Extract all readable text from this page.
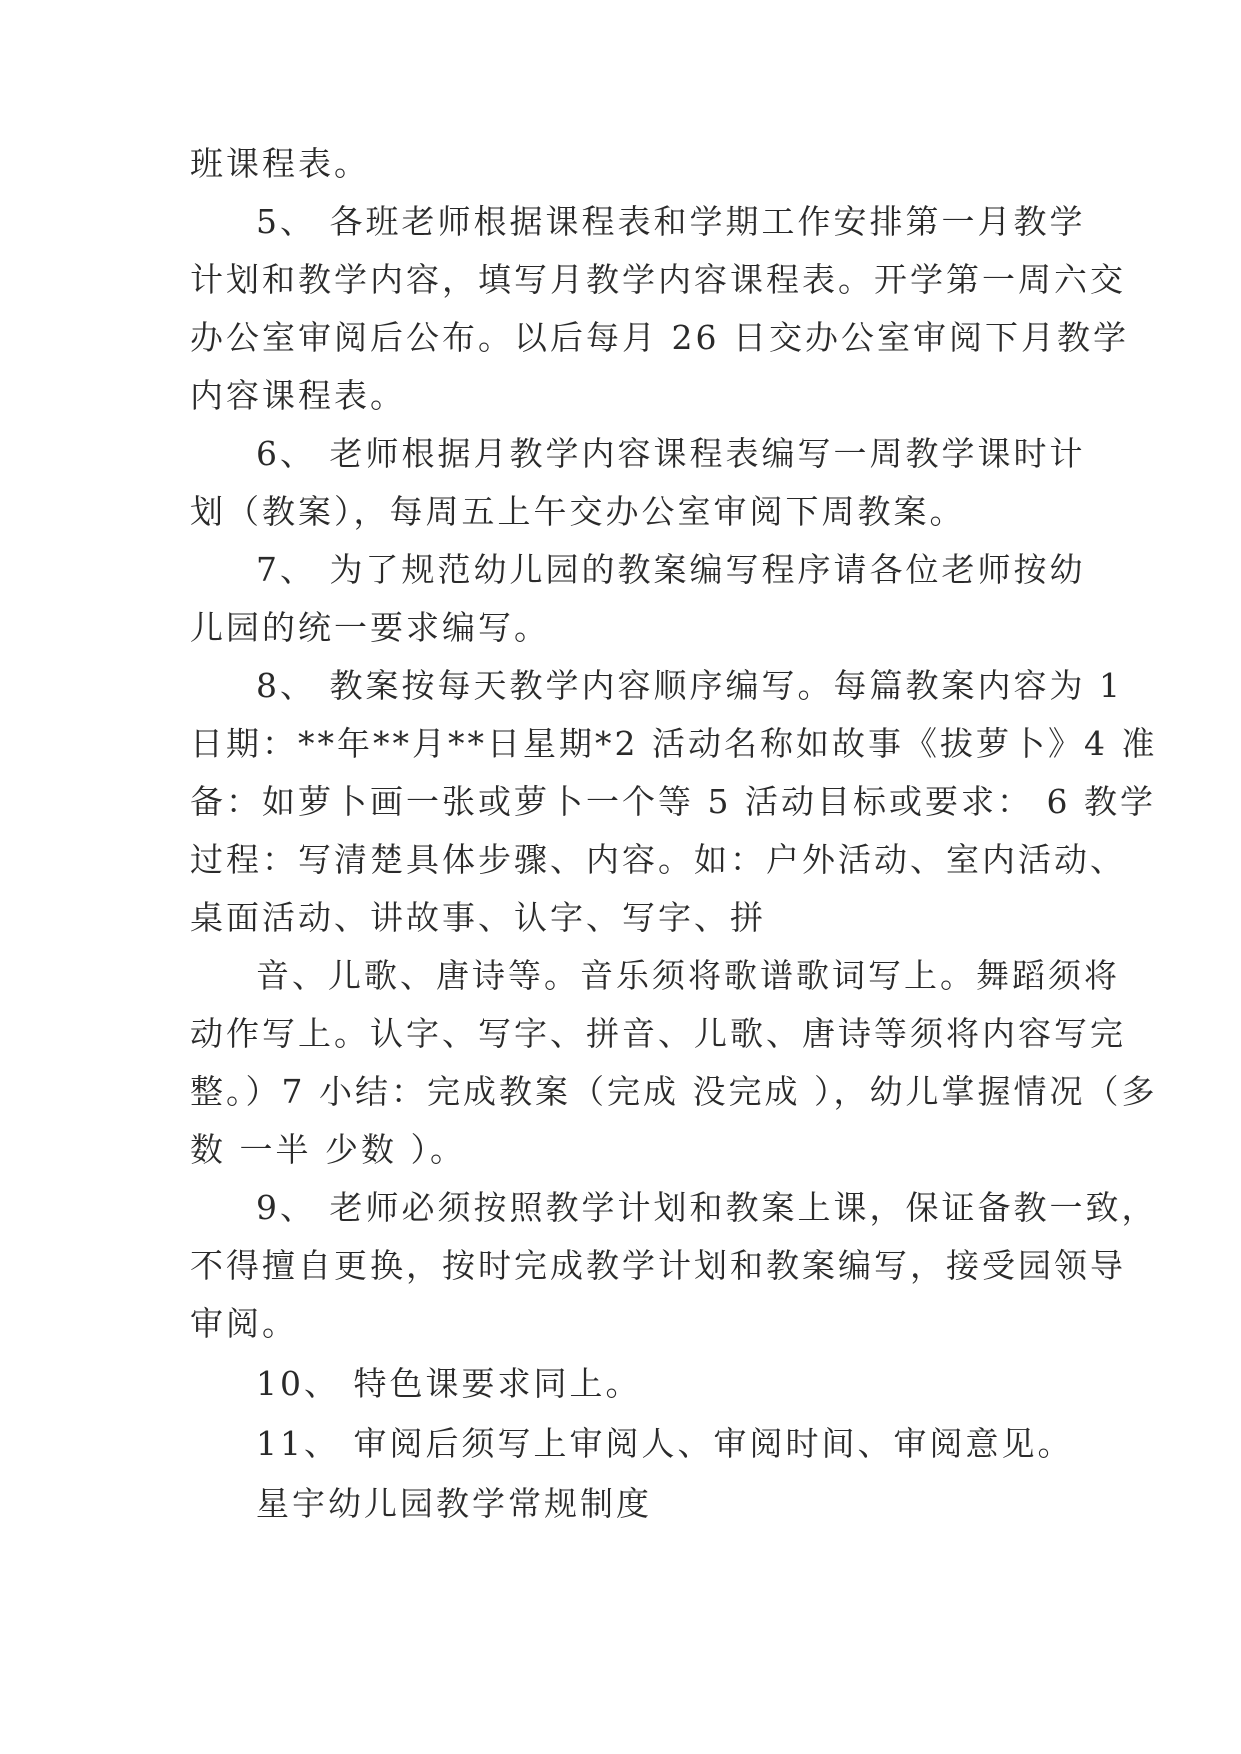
班课程表。

5、 各班老师根据课程表和学期工作安排第一月教学

计划和教学内容，填写月教学内容课程表。开学第一周六交

办公室审阅后公布。以后每月 26 日交办公室审阅下月教学

内容课程表。

6、 老师根据月教学内容课程表编写一周教学课时计

划（教案），每周五上午交办公室审阅下周教案。

7、 为了规范幼儿园的教案编写程序请各位老师按幼

儿园的统一要求编写。

8、 教案按每天教学内容顺序编写。每篇教案内容为 1

日期：**年**月**日星期*2 活动名称如故事《拔萝卜》4 准

备：如萝卜画一张或萝卜一个等 5 活动目标或要求： 6 教学

过程：写清楚具体步骤、内容。如：户外活动、室内活动、

桌面活动、讲故事、认字、写字、拼

音、儿歌、唐诗等。音乐须将歌谱歌词写上。舞蹈须将

动作写上。认字、写字、拼音、儿歌、唐诗等须将内容写完

整。）7 小结：完成教案（完成 没完成 ），幼儿掌握情况（多

数 一半 少数 ）。

9、 老师必须按照教学计划和教案上课，保证备教一致，

不得擅自更换，按时完成教学计划和教案编写，接受园领导

审阅。

10、 特色课要求同上。

11、 审阅后须写上审阅人、审阅时间、审阅意见。

星宇幼儿园教学常规制度
